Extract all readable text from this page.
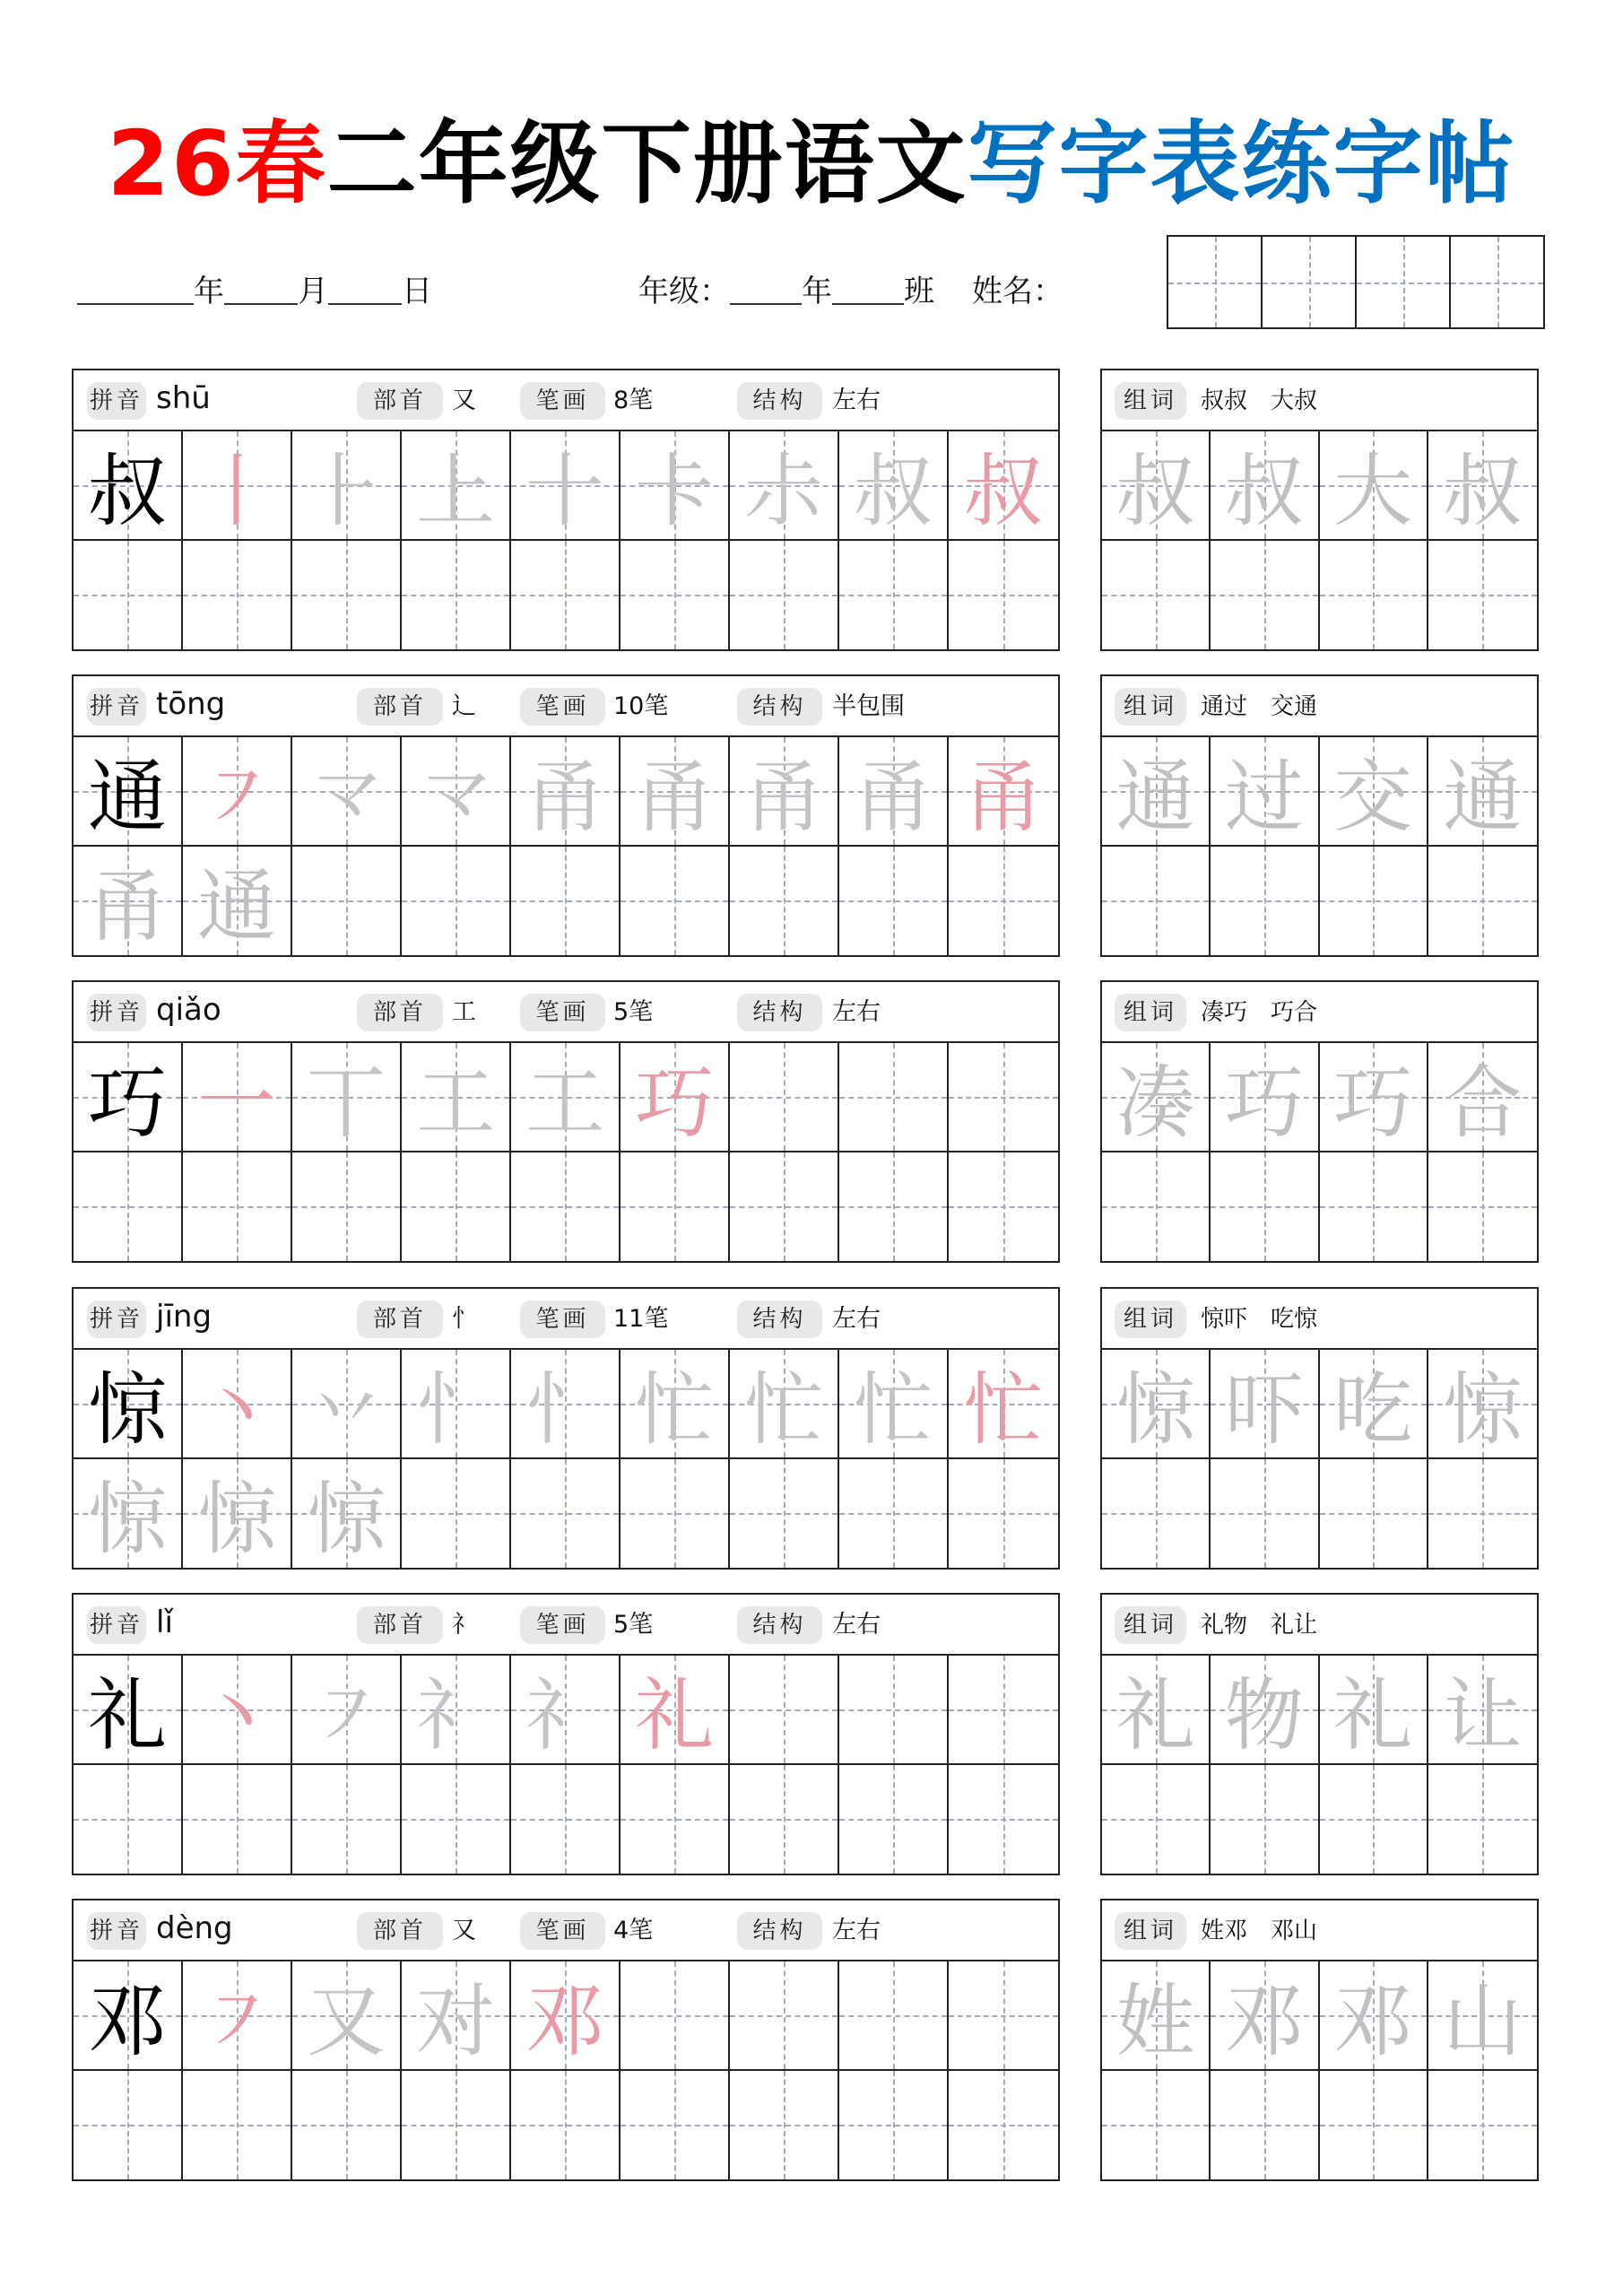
26春二年级下册语文写字表练字帖
年 月 日	年级： 年 班 姓名：
拼音 shū	部首	又	笔画 8笔	结构	左右
叔 丨 ⺊ 上 十 卡 尗 叔 叔
组词	叔叔　大叔
叔 叔 大 叔
拼音 tōng	部首	辶	笔画 10笔	结构	半包围
通 ㇇ 龴 龴 甬 甬 甬 甬 甬
甬 通
组词	通过　交通
通 过 交 通
拼音 qiǎo	部首	工	笔画 5笔	结构	左右
巧 一 丅 工 工 巧
组词	凑巧　巧合
凑 巧 巧 合
拼音 jīng	部首	忄	笔画 11笔	结构	左右
惊 丶 丷 忄 忄 忙 忙 忙 忙
惊 惊 惊
组词	惊吓　吃惊
惊 吓 吃 惊
拼音 lǐ	部首	礻	笔画 5笔	结构	左右
礼 丶 ㇇ 礻 礻 礼
组词	礼物　礼让
礼 物 礼 让
拼音 dèng	部首	又	笔画 4笔	结构	左右
邓 ㇇ 又 对 邓
组词	姓邓　邓山
姓 邓 邓 山
